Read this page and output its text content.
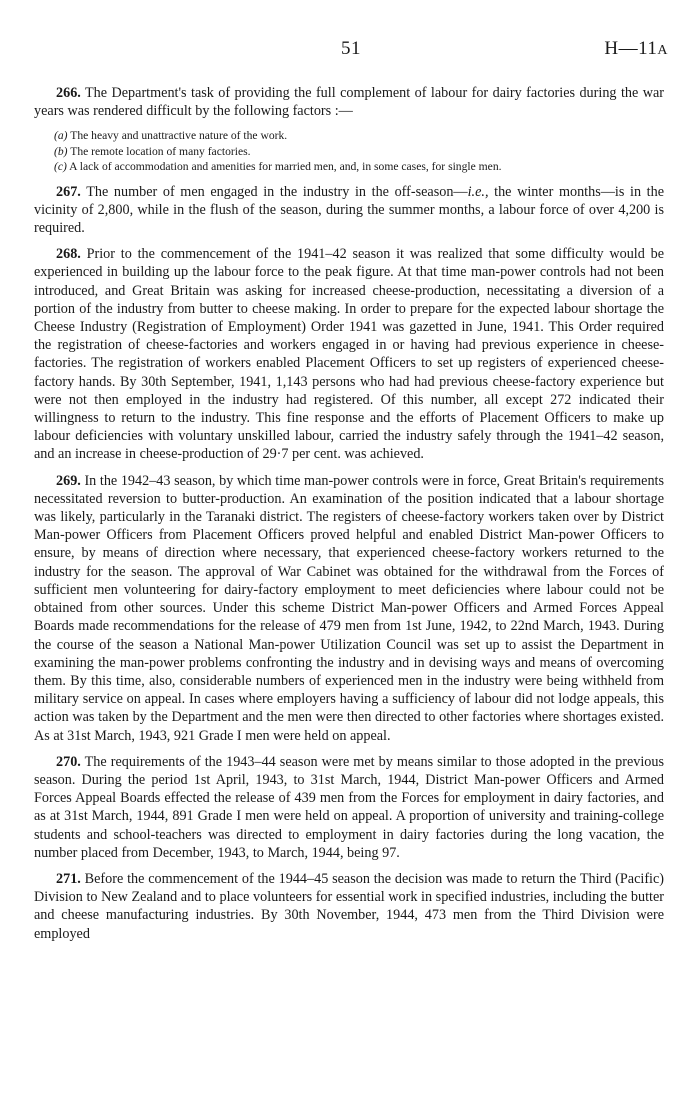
51	H—11A

266. The Department's task of providing the full complement of labour for dairy factories during the war years was rendered difficult by the following factors :—

(a) The heavy and unattractive nature of the work.
(b) The remote location of many factories.
(c) A lack of accommodation and amenities for married men, and, in some cases, for single men.

267. The number of men engaged in the industry in the off-season—i.e., the winter months—is in the vicinity of 2,800, while in the flush of the season, during the summer months, a labour force of over 4,200 is required.

268. Prior to the commencement of the 1941–42 season it was realized that some difficulty would be experienced in building up the labour force to the peak figure. At that time man-power controls had not been introduced, and Great Britain was asking for increased cheese-production, necessitating a diversion of a portion of the industry from butter to cheese making. In order to prepare for the expected labour shortage the Cheese Industry (Registration of Employment) Order 1941 was gazetted in June, 1941. This Order required the registration of cheese-factories and workers engaged in or having had previous experience in cheese-factories. The registration of workers enabled Placement Officers to set up registers of experienced cheese-factory hands. By 30th September, 1941, 1,143 persons who had had previous cheese-factory experience but were not then employed in the industry had registered. Of this number, all except 272 indicated their willingness to return to the industry. This fine response and the efforts of Placement Officers to make up labour deficiencies with voluntary unskilled labour, carried the industry safely through the 1941–42 season, and an increase in cheese-production of 29·7 per cent. was achieved.

269. In the 1942–43 season, by which time man-power controls were in force, Great Britain's requirements necessitated reversion to butter-production. An examination of the position indicated that a labour shortage was likely, particularly in the Taranaki district. The registers of cheese-factory workers taken over by District Man-power Officers from Placement Officers proved helpful and enabled District Man-power Officers to ensure, by means of direction where necessary, that experienced cheese-factory workers returned to the industry for the season. The approval of War Cabinet was obtained for the withdrawal from the Forces of sufficient men volunteering for dairy-factory employment to meet deficiencies where labour could not be obtained from other sources. Under this scheme District Man-power Officers and Armed Forces Appeal Boards made recommendations for the release of 479 men from 1st June, 1942, to 22nd March, 1943. During the course of the season a National Man-power Utilization Council was set up to assist the Department in examining the man-power problems confronting the industry and in devising ways and means of overcoming them. By this time, also, considerable numbers of experienced men in the industry were being withheld from military service on appeal. In cases where employers having a sufficiency of labour did not lodge appeals, this action was taken by the Department and the men were then directed to other factories where shortages existed. As at 31st March, 1943, 921 Grade I men were held on appeal.

270. The requirements of the 1943–44 season were met by means similar to those adopted in the previous season. During the period 1st April, 1943, to 31st March, 1944, District Man-power Officers and Armed Forces Appeal Boards effected the release of 439 men from the Forces for employment in dairy factories, and as at 31st March, 1944, 891 Grade I men were held on appeal. A proportion of university and training-college students and school-teachers was directed to employment in dairy factories during the long vacation, the number placed from December, 1943, to March, 1944, being 97.

271. Before the commencement of the 1944–45 season the decision was made to return the Third (Pacific) Division to New Zealand and to place volunteers for essential work in specified industries, including the butter and cheese manufacturing industries. By 30th November, 1944, 473 men from the Third Division were employed
